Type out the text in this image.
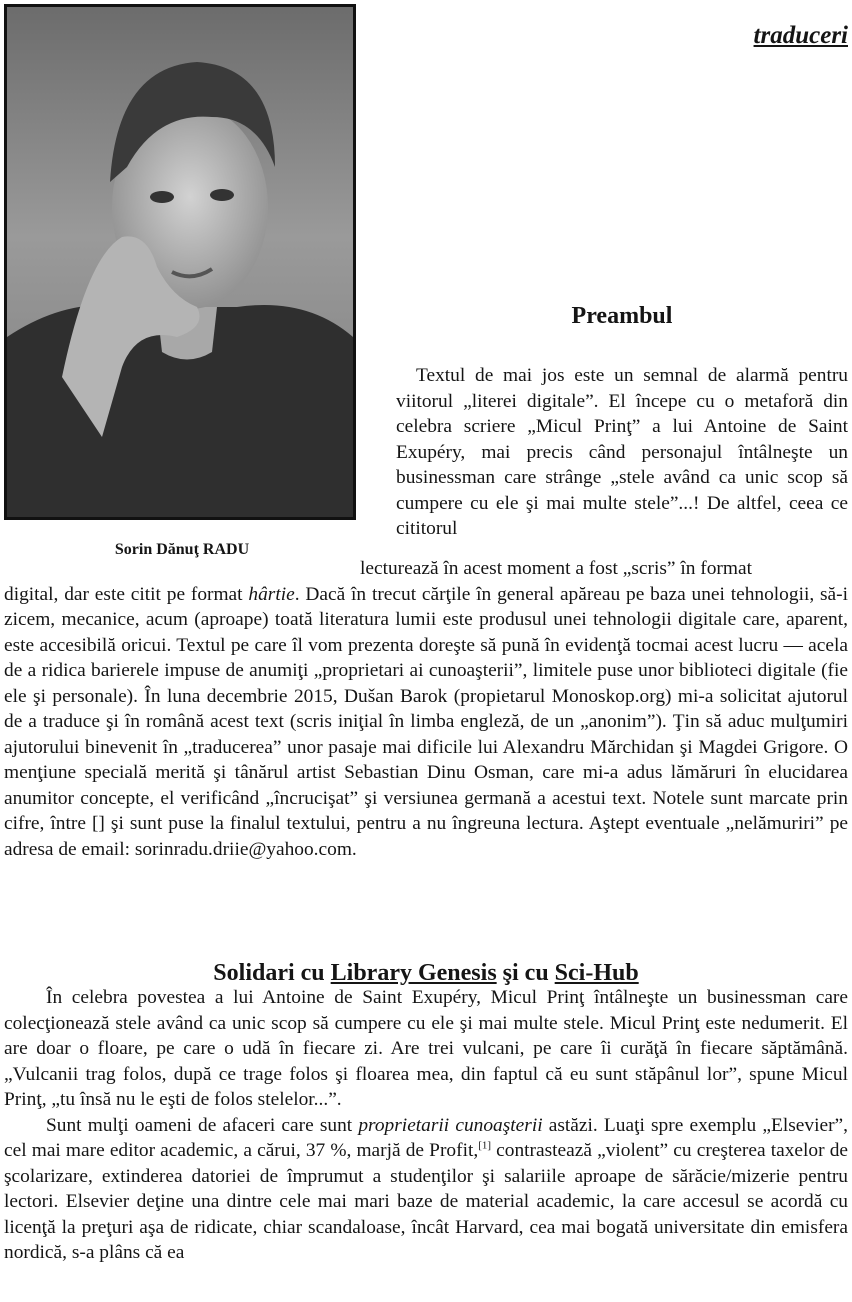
traduceri
Sorin Dănuţ RADU
Preambul
Textul de mai jos este un semnal de alarmă pentru viitorul „literei digitale”. El începe cu o metaforă din celebra scriere „Micul Prinţ” a lui Antoine de Saint Exupéry, mai precis când personajul întâlneşte un businessman care strânge „stele având ca unic scop să cumpere cu ele şi mai multe stele”...! De altfel, ceea ce cititorul
lecturează în acest moment a fost „scris” în format
digital, dar este citit pe format hârtie. Dacă în trecut cărţile în general apăreau pe baza unei tehnologii, să-i zicem, mecanice, acum (aproape) toată literatura lumii este produsul unei tehnologii digitale care, aparent, este accesibilă oricui. Textul pe care îl vom prezenta doreşte să pună în evidenţă tocmai acest lucru — acela de a ridica barierele impuse de anumiţi „proprietari ai cunoaşterii”, limitele puse unor biblioteci digitale (fie ele şi personale). În luna decembrie 2015, Dušan Barok (propietarul Monoskop.org) mi-a solicitat ajutorul de a traduce şi în română acest text (scris iniţial în limba engleză, de un „anonim”). Ţin să aduc mulţumiri ajutorului binevenit în „traducerea” unor pasaje mai dificile lui Alexandru Mărchidan şi Magdei Grigore. O menţiune specială merită şi tânărul artist Sebastian Dinu Osman, care mi-a adus lămăruri în elucidarea anumitor concepte, el verificând „încrucişat” şi versiunea germană a acestui text. Notele sunt marcate prin cifre, între [] şi sunt puse la finalul textului, pentru a nu îngreuna lectura. Aştept eventuale „nelămuriri” pe adresa de email: sorinradu.driie@yahoo.com.
Solidari cu Library Genesis şi cu Sci-Hub

În celebra povestea a lui Antoine de Saint Exupéry, Micul Prinţ întâlneşte un businessman care colecţionează stele având ca unic scop să cumpere cu ele şi mai multe stele. Micul Prinţ este nedumerit. El are doar o floare, pe care o udă în fiecare zi. Are trei vulcani, pe care îi curăţă în fiecare săptămână. „Vulcanii trag folos, după ce trage folos şi floarea mea, din faptul că eu sunt stăpânul lor”, spune Micul Prinţ, „tu însă nu le eşti de folos stelelor...”.

Sunt mulţi oameni de afaceri care sunt proprietarii cunoaşterii astăzi. Luaţi spre exemplu „Elsevier”, cel mai mare editor academic, a cărui, 37 %, marjă de Profit,[1] contrastează „violent” cu creşterea taxelor de şcolarizare, extinderea datoriei de împrumut a studenţilor şi salariile aproape de sărăcie/mizerie pentru lectori. Elsevier deţine una dintre cele mai mari baze de material academic, la care accesul se acordă cu licenţă la preţuri aşa de ridicate, chiar scandaloase, încât Harvard, cea mai bogată universitate din emisfera nordică, s-a plâns că ea
